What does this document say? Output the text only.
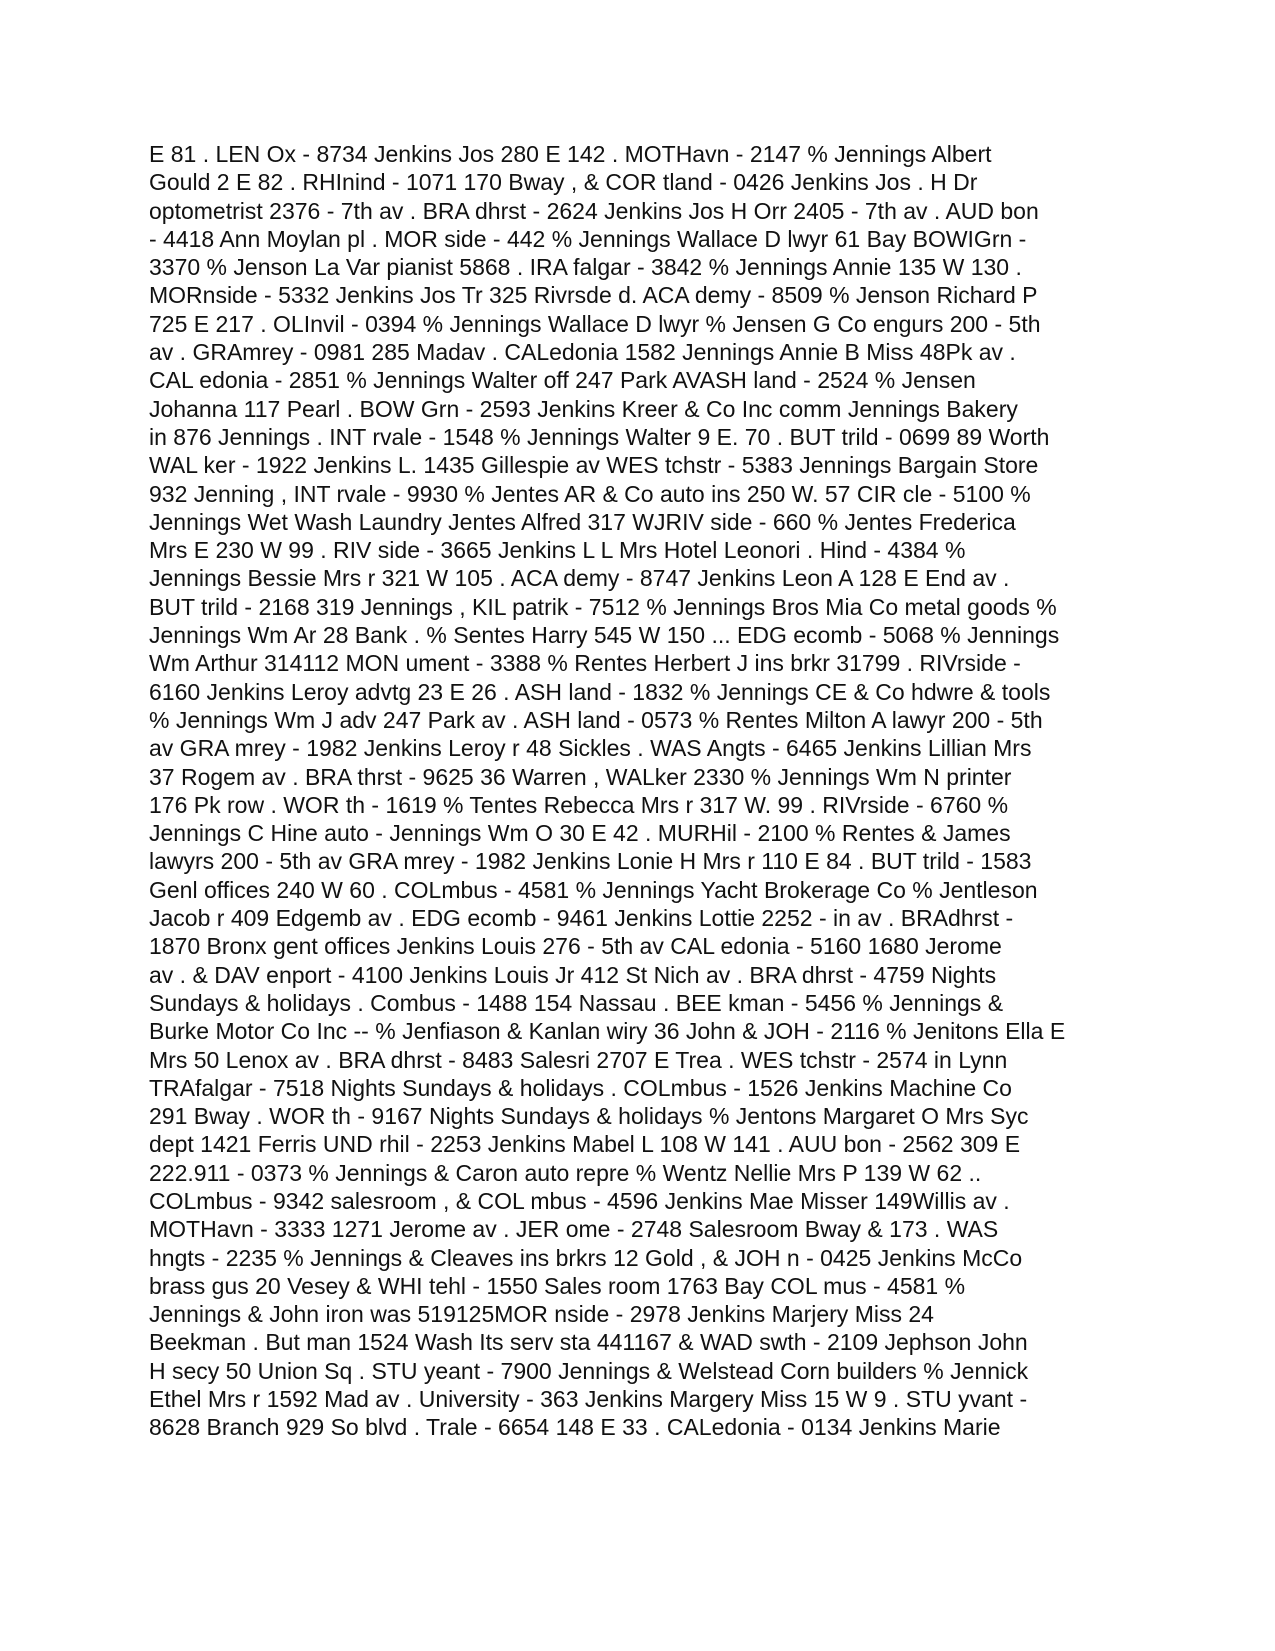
E 81 . LEN Ox - 8734 Jenkins Jos 280 E 142 . MOTHavn - 2147 % Jennings Albert
Gould 2 E 82 . RHInind - 1071 170 Bway , & COR tland - 0426 Jenkins Jos . H Dr
optometrist 2376 - 7th av . BRA dhrst - 2624 Jenkins Jos H Orr 2405 - 7th av . AUD bon
- 4418 Ann Moylan pl . MOR side - 442 % Jennings Wallace D lwyr 61 Bay BOWIGrn -
3370 % Jenson La Var pianist 5868 . IRA falgar - 3842 % Jennings Annie 135 W 130 .
MORnside - 5332 Jenkins Jos Tr 325 Rivrsde d. ACA demy - 8509 % Jenson Richard P
725 E 217 . OLInvil - 0394 % Jennings Wallace D lwyr % Jensen G Co engurs 200 - 5th
av . GRAmrey - 0981 285 Madav . CALedonia 1582 Jennings Annie B Miss 48Pk av .
CAL edonia - 2851 % Jennings Walter off 247 Park AVASH land - 2524 % Jensen
Johanna 117 Pearl . BOW Grn - 2593 Jenkins Kreer & Co Inc comm Jennings Bakery
in 876 Jennings . INT rvale - 1548 % Jennings Walter 9 E. 70 . BUT trild - 0699 89 Worth
WAL ker - 1922 Jenkins L. 1435 Gillespie av WES tchstr - 5383 Jennings Bargain Store
932 Jenning , INT rvale - 9930 % Jentes AR & Co auto ins 250 W. 57 CIR cle - 5100 %
Jennings Wet Wash Laundry Jentes Alfred 317 WJRIV side - 660 % Jentes Frederica
Mrs E 230 W 99 . RIV side - 3665 Jenkins L L Mrs Hotel Leonori . Hind - 4384 %
Jennings Bessie Mrs r 321 W 105 . ACA demy - 8747 Jenkins Leon A 128 E End av .
BUT trild - 2168 319 Jennings , KIL patrik - 7512 % Jennings Bros Mia Co metal goods %
Jennings Wm Ar 28 Bank . % Sentes Harry 545 W 150 ... EDG ecomb - 5068 % Jennings
Wm Arthur 314112 MON ument - 3388 % Rentes Herbert J ins brkr 31799 . RIVrside -
6160 Jenkins Leroy advtg 23 E 26 . ASH land - 1832 % Jennings CE & Co hdwre & tools
% Jennings Wm J adv 247 Park av . ASH land - 0573 % Rentes Milton A lawyr 200 - 5th
av GRA mrey - 1982 Jenkins Leroy r 48 Sickles . WAS Angts - 6465 Jenkins Lillian Mrs
37 Rogem av . BRA thrst - 9625 36 Warren , WALker 2330 % Jennings Wm N printer
176 Pk row . WOR th - 1619 % Tentes Rebecca Mrs r 317 W. 99 . RIVrside - 6760 %
Jennings C Hine auto - Jennings Wm O 30 E 42 . MURHil - 2100 % Rentes & James
lawyrs 200 - 5th av GRA mrey - 1982 Jenkins Lonie H Mrs r 110 E 84 . BUT trild - 1583
Genl offices 240 W 60 . COLmbus - 4581 % Jennings Yacht Brokerage Co % Jentleson
Jacob r 409 Edgemb av . EDG ecomb - 9461 Jenkins Lottie 2252 - in av . BRAdhrst -
1870 Bronx gent offices Jenkins Louis 276 - 5th av CAL edonia - 5160 1680 Jerome
av . & DAV enport - 4100 Jenkins Louis Jr 412 St Nich av . BRA dhrst - 4759 Nights
Sundays & holidays . Combus - 1488 154 Nassau . BEE kman - 5456 % Jennings &
Burke Motor Co Inc -- % Jenfiason & Kanlan wiry 36 John & JOH - 2116 % Jenitons Ella E
Mrs 50 Lenox av . BRA dhrst - 8483 Salesri 2707 E Trea . WES tchstr - 2574 in Lynn
TRAfalgar - 7518 Nights Sundays & holidays . COLmbus - 1526 Jenkins Machine Co
291 Bway . WOR th - 9167 Nights Sundays & holidays % Jentons Margaret O Mrs Syc
dept 1421 Ferris UND rhil - 2253 Jenkins Mabel L 108 W 141 . AUU bon - 2562 309 E
222.911 - 0373 % Jennings & Caron auto repre % Wentz Nellie Mrs P 139 W 62 ..
COLmbus - 9342 salesroom , & COL mbus - 4596 Jenkins Mae Misser 149Willis av .
MOTHavn - 3333 1271 Jerome av . JER ome - 2748 Salesroom Bway & 173 . WAS
hngts - 2235 % Jennings & Cleaves ins brkrs 12 Gold , & JOH n - 0425 Jenkins McCo
brass gus 20 Vesey & WHI tehl - 1550 Sales room 1763 Bay COL mus - 4581 %
Jennings & John iron was 519125MOR nside - 2978 Jenkins Marjery Miss 24
Beekman . But man 1524 Wash Its serv sta 441167 & WAD swth - 2109 Jephson John
H secy 50 Union Sq . STU yeant - 7900 Jennings & Welstead Corn builders % Jennick
Ethel Mrs r 1592 Mad av . University - 363 Jenkins Margery Miss 15 W 9 . STU yvant -
8628 Branch 929 So blvd . Trale - 6654 148 E 33 . CALedonia - 0134 Jenkins Marie
